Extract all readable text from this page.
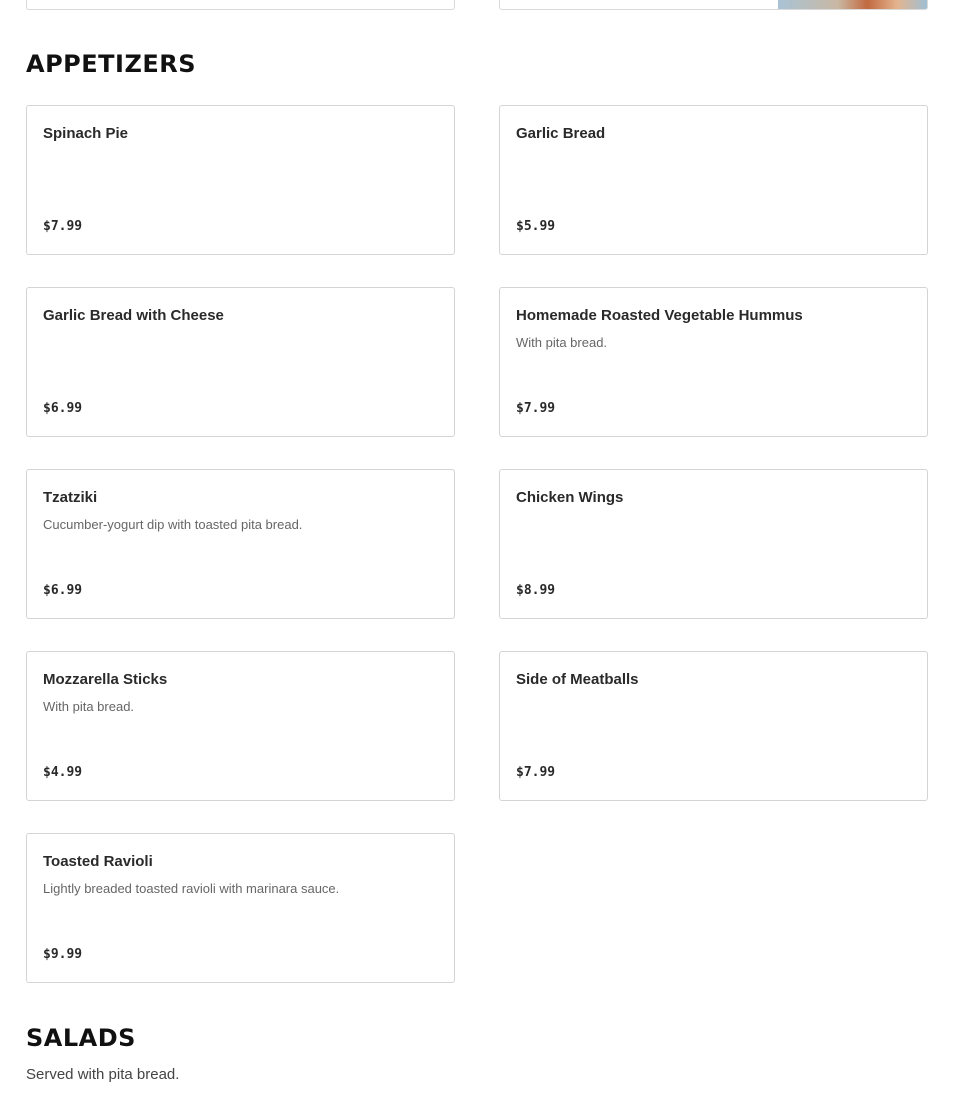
APPETIZERS
Spinach Pie
$7.99
Garlic Bread
$5.99
Garlic Bread with Cheese
$6.99
Homemade Roasted Vegetable Hummus
With pita bread.
$7.99
Tzatziki
Cucumber-yogurt dip with toasted pita bread.
$6.99
Chicken Wings
$8.99
Mozzarella Sticks
With pita bread.
$4.99
Side of Meatballs
$7.99
Toasted Ravioli
Lightly breaded toasted ravioli with marinara sauce.
$9.99
SALADS

Served with pita bread.
